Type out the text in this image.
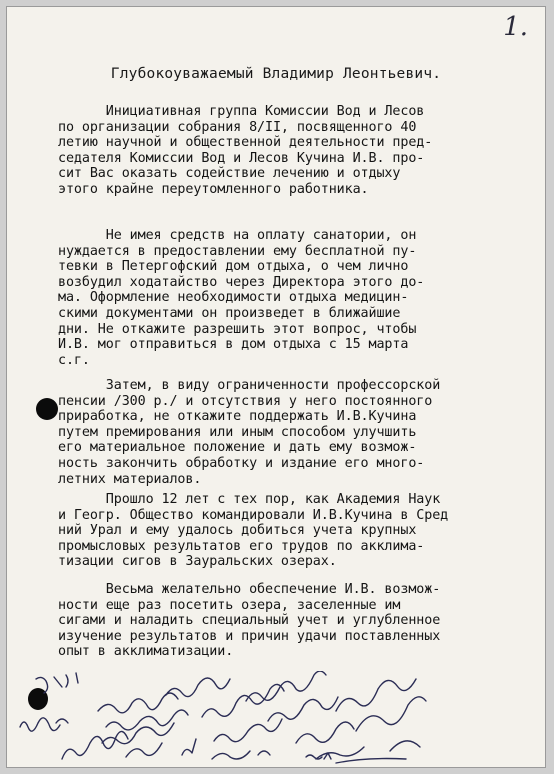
1.
Глубокоуважаемый Владимир Леонтьевич.
Инициативная группа Комиссии Вод и Лесов
по организации собрания 8/II, посвященного 40
летию научной и общественной деятельности пред-
седателя Комиссии Вод и Лесов Кучина И.В. про-
сит Вас оказать содействие лечению и отдыху
этого крайне переутомленного работника.
Не имея средств на оплату санатории, он
нуждается в предоставлении ему бесплатной пу-
тевки в Петергофский дом отдыха, о чем лично
возбудил ходатайство через Директора этого до-
ма. Оформление необходимости отдыха медицин-
скими документами он произведет в ближайшие
дни. Не откажите разрешить этот вопрос, чтобы
И.В. мог отправиться в дом отдыха с 15 марта
с.г.
Затем, в виду ограниченности профессорской
пенсии /300 р./ и отсутствия у него постоянного
приработка, не откажите поддержать И.В.Кучина
путем премирования или иным способом улучшить
его материальное положение и дать ему возмож-
ность закончить обработку и издание его много-
летних материалов.
Прошло 12 лет с тех пор, как Академия Наук
и Геогр. Общество командировали И.В.Кучина в Сред
ний Урал и ему удалось добиться учета крупных
промысловых результатов его трудов по акклима-
тизации сигов в Зауральских озерах.
Весьма желательно обеспечение И.В. возмож-
ности еще раз посетить озера, заселенные им
сигами и наладить специальный учет и углубленное
изучение результатов и причин удачи поставленных
опыт в акклиматизации.
